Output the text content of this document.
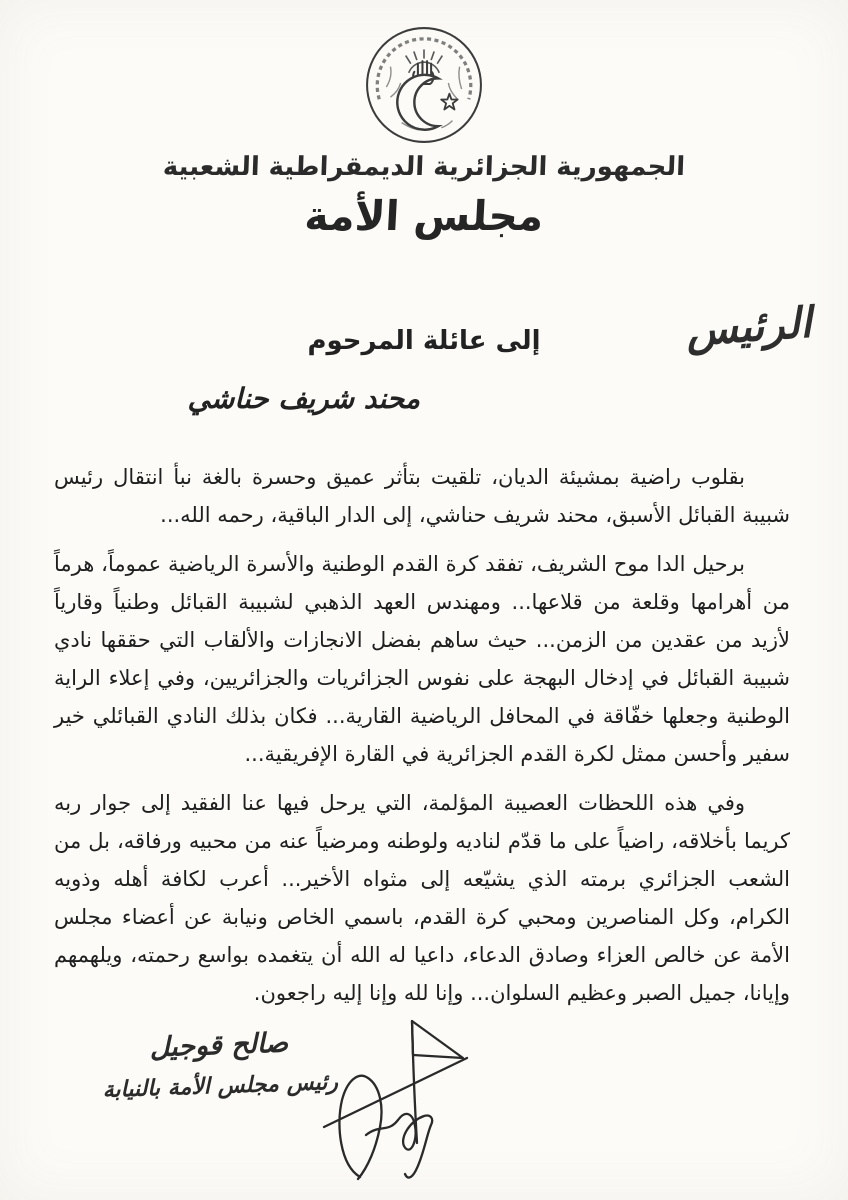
الجمهورية الجزائرية الديمقراطية الشعبية
مجلس الأمة
الرئيس
إلى عائلة المرحوم
محند شريف حناشي

بقلوب راضية بمشيئة الديان، تلقيت بتأثر عميق وحسرة بالغة نبأ انتقال رئيس شبيبة القبائل الأسبق، محند شريف حناشي، إلى الدار الباقية، رحمه الله...

برحيل الدا موح الشريف، تفقد كرة القدم الوطنية والأسرة الرياضية عموماً، هرماً من أهرامها وقلعة من قلاعها... ومهندس العهد الذهبي لشبيبة القبائل وطنياً وقارياً لأزيد من عقدين من الزمن... حيث ساهم بفضل الانجازات والألقاب التي حققها نادي شبيبة القبائل في إدخال البهجة على نفوس الجزائريات والجزائريين، وفي إعلاء الراية الوطنية وجعلها خفّاقة في المحافل الرياضية القارية... فكان بذلك النادي القبائلي خير سفير وأحسن ممثل لكرة القدم الجزائرية في القارة الإفريقية...

وفي هذه اللحظات العصيبة المؤلمة، التي يرحل فيها عنا الفقيد إلى جوار ربه كريما بأخلاقه، راضياً على ما قدّم لناديه ولوطنه ومرضياً عنه من محبيه ورفاقه، بل من الشعب الجزائري برمته الذي يشيّعه إلى مثواه الأخير... أعرب لكافة أهله وذويه الكرام، وكل المناصرين ومحبي كرة القدم، باسمي الخاص ونيابة عن أعضاء مجلس الأمة عن خالص العزاء وصادق الدعاء، داعيا له الله أن يتغمده بواسع رحمته، ويلهمهم وإيانا، جميل الصبر وعظيم السلوان... وإنا لله وإنا إليه راجعون.

صالح قوجيل
رئيس مجلس الأمة بالنيابة
